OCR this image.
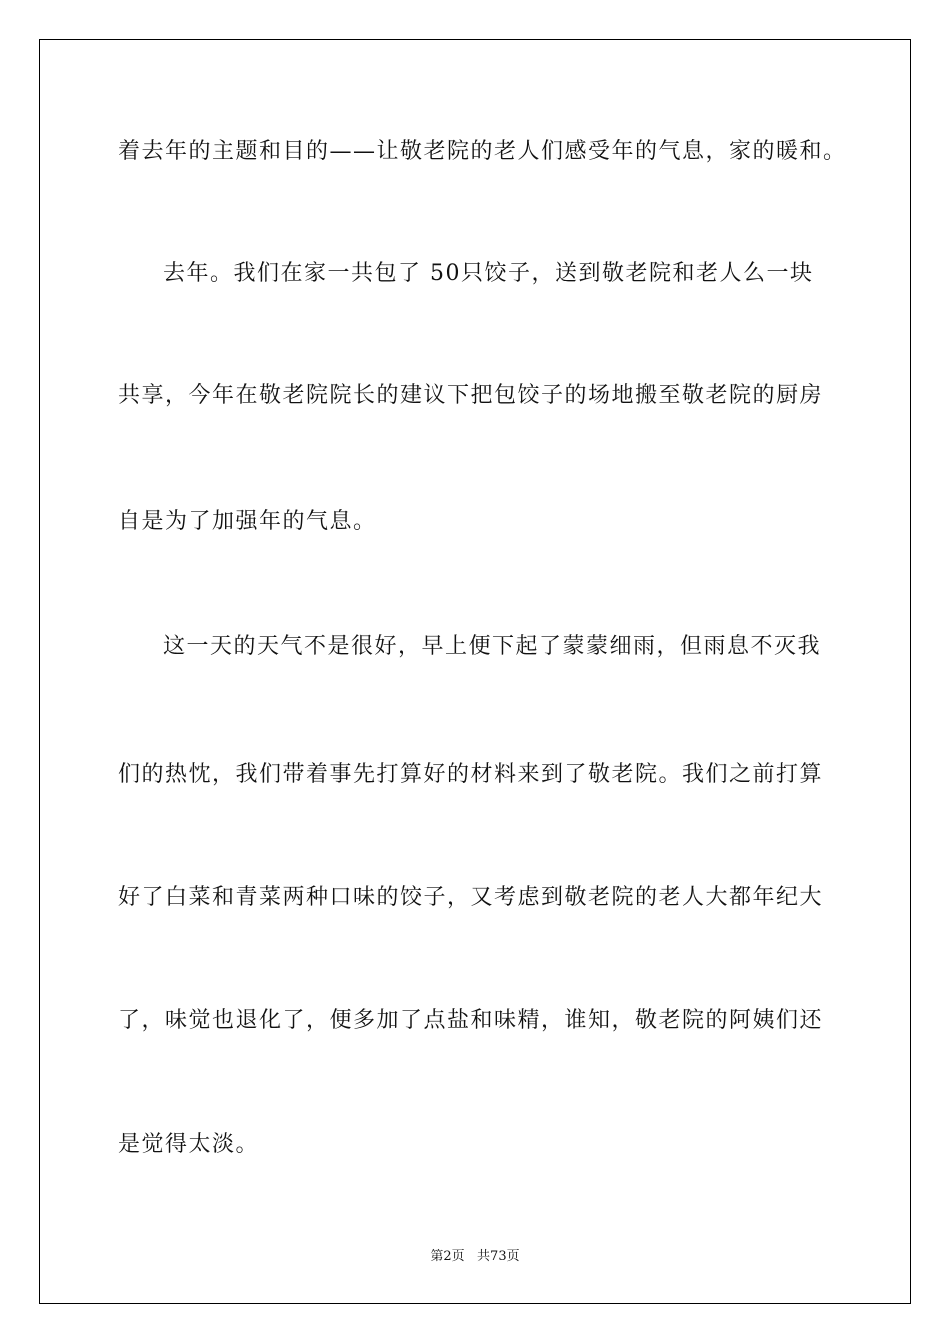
着去年的主题和目的——让敬老院的老人们感受年的气息，家的暖和。
去年。我们在家一共包了 50只饺子，送到敬老院和老人么一块
共享，今年在敬老院院长的建议下把包饺子的场地搬至敬老院的厨房
自是为了加强年的气息。
这一天的天气不是很好，早上便下起了蒙蒙细雨，但雨息不灭我
们的热忱，我们带着事先打算好的材料来到了敬老院。我们之前打算
好了白菜和青菜两种口味的饺子，又考虑到敬老院的老人大都年纪大
了，味觉也退化了，便多加了点盐和味精，谁知，敬老院的阿姨们还
是觉得太淡。
第2页   共73页
